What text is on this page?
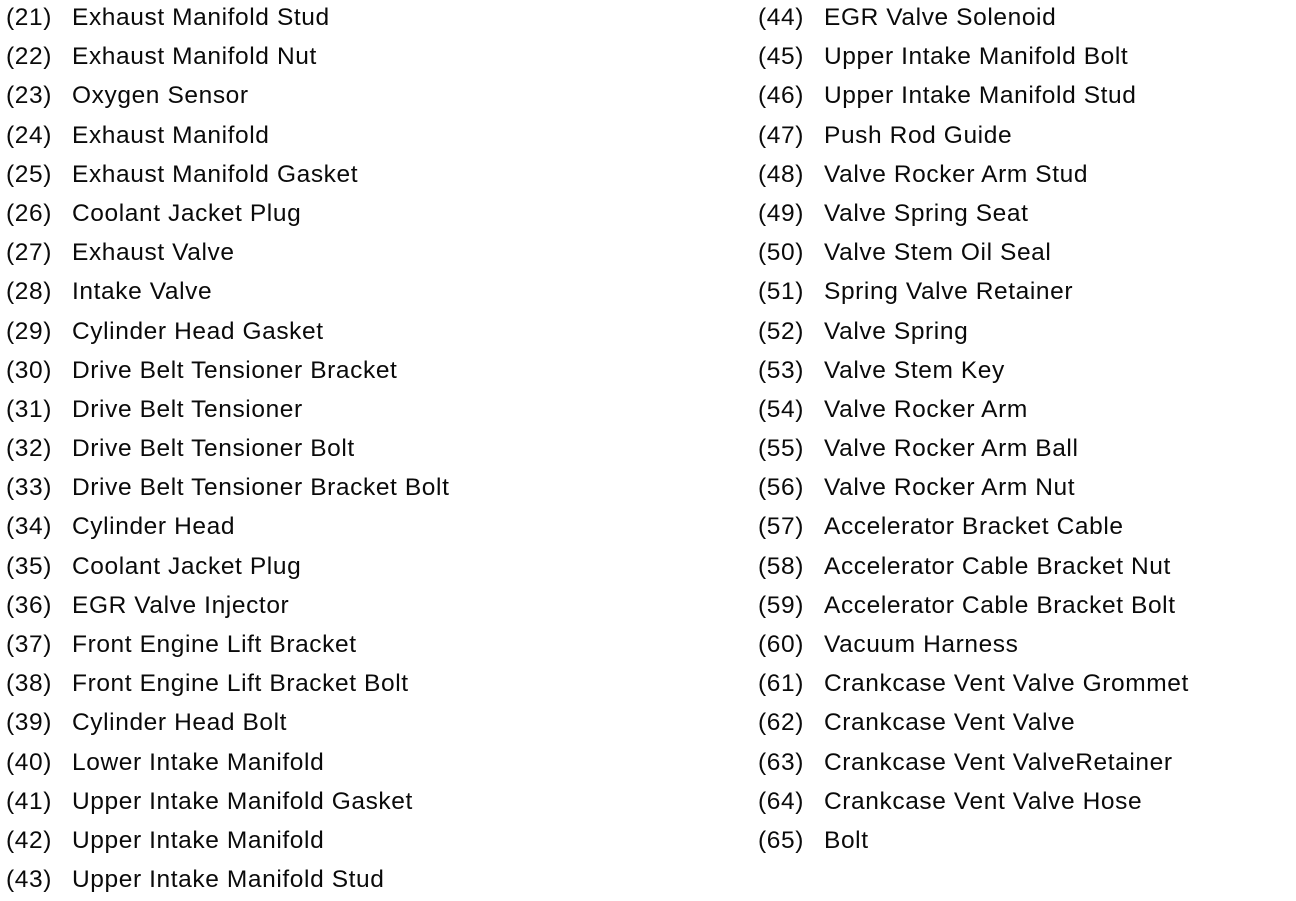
(21) Exhaust Manifold Stud
(22) Exhaust Manifold Nut
(23) Oxygen Sensor
(24) Exhaust Manifold
(25) Exhaust Manifold Gasket
(26) Coolant Jacket Plug
(27) Exhaust Valve
(28) Intake Valve
(29) Cylinder Head Gasket
(30) Drive Belt Tensioner Bracket
(31) Drive Belt Tensioner
(32) Drive Belt Tensioner Bolt
(33) Drive Belt Tensioner Bracket Bolt
(34) Cylinder Head
(35) Coolant Jacket Plug
(36) EGR Valve Injector
(37) Front Engine Lift Bracket
(38) Front Engine Lift Bracket Bolt
(39) Cylinder Head Bolt
(40) Lower Intake Manifold
(41) Upper Intake Manifold Gasket
(42) Upper Intake Manifold
(43) Upper Intake Manifold Stud
(44) EGR Valve Solenoid
(45) Upper Intake Manifold Bolt
(46) Upper Intake Manifold Stud
(47) Push Rod Guide
(48) Valve Rocker Arm Stud
(49) Valve Spring Seat
(50) Valve Stem Oil Seal
(51) Spring Valve Retainer
(52) Valve Spring
(53) Valve Stem Key
(54) Valve Rocker Arm
(55) Valve Rocker Arm Ball
(56) Valve Rocker Arm Nut
(57) Accelerator Bracket Cable
(58) Accelerator Cable Bracket Nut
(59) Accelerator Cable Bracket Bolt
(60) Vacuum Harness
(61) Crankcase Vent Valve Grommet
(62) Crankcase Vent Valve
(63) Crankcase Vent ValveRetainer
(64) Crankcase Vent Valve Hose
(65) Bolt
